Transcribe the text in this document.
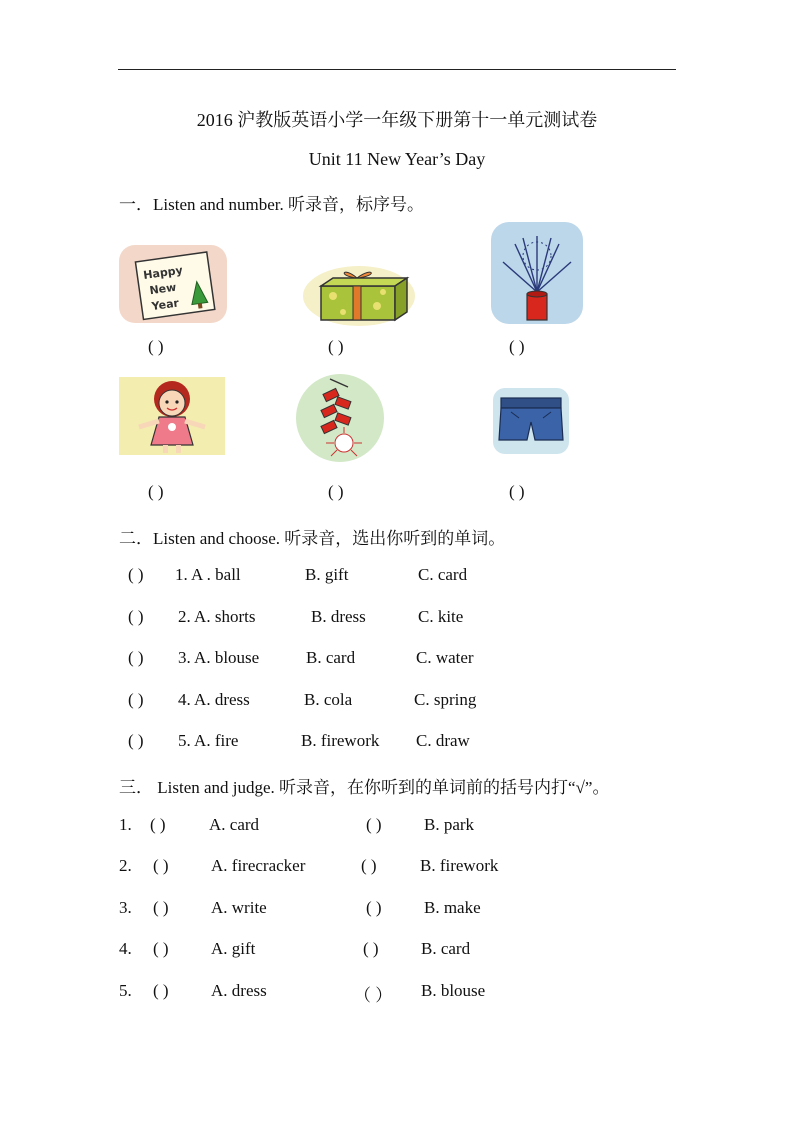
2016 沪教版英语小学一年级下册第十一单元测试卷
Unit 11 New Year’s Day
一．Listen and number. 听录音，标序号。
Happy
New
Year
( )	( )	( )
( )	( )	( )
二．Listen and choose. 听录音，选出你听到的单词。
( ) 1. A . ball	B. gift	C. card
( ) 2. A. shorts	B. dress	C. kite
( ) 3. A. blouse	B. card	C. water
( ) 4. A. dress	B. cola	C. spring
( ) 5. A. fire	B. firework C. draw
三． Listen and judge. 听录音，在你听到的单词前的括号内打“√”。
1. ( )	A. card	( ) B. park
2. ( ) A. firecracker	( )	B. firework
3. ( ) A. write	( ) B. make
4. ( ) A. gift	( ) B. card
5. ( ) A. dress	（ ） B. blouse
